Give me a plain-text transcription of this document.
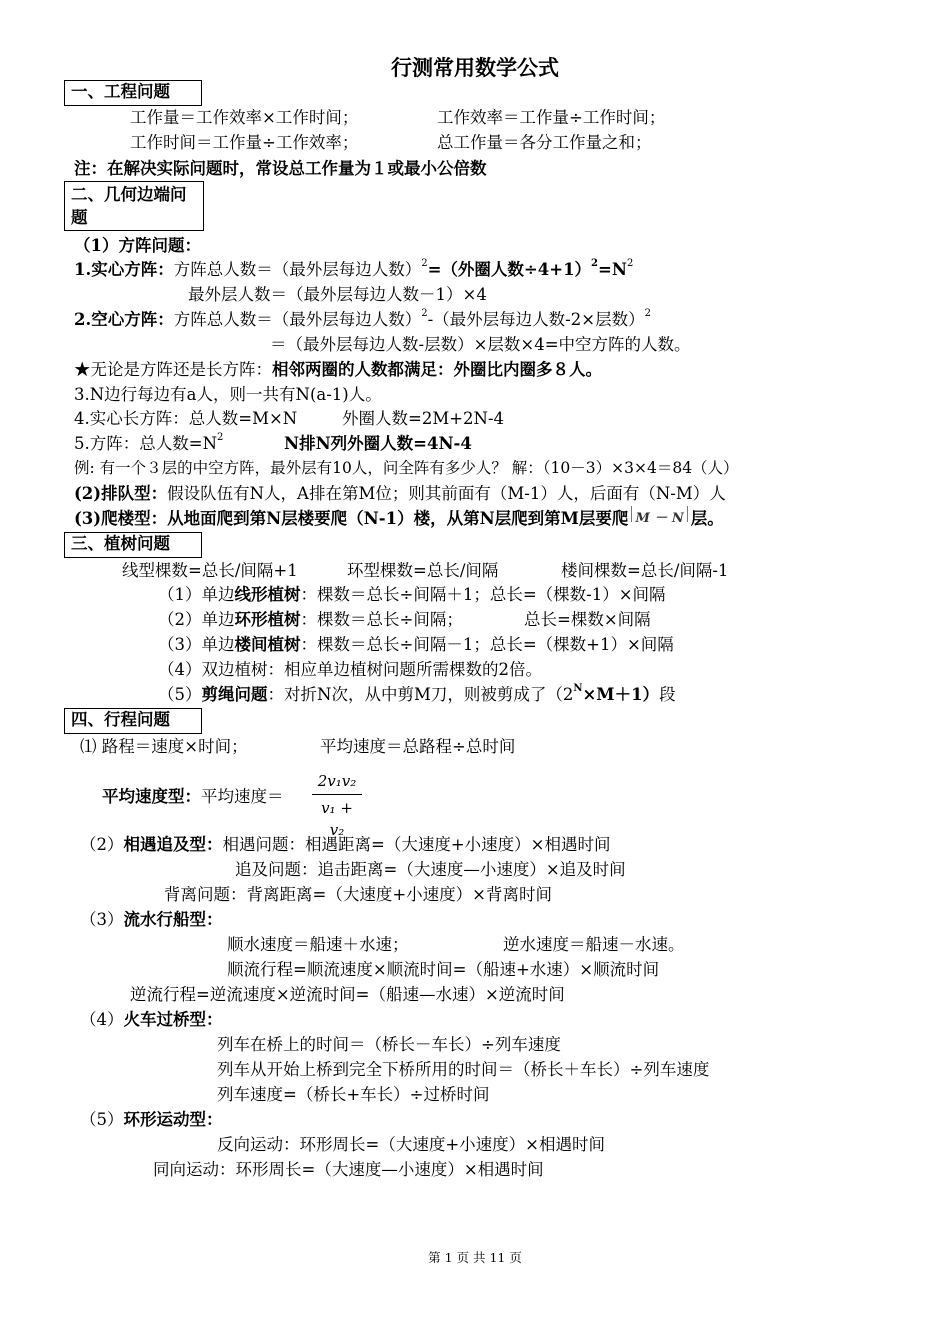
行测常用数学公式
一、工程问题
工作量＝工作效率×工作时间；	工作效率＝工作量÷工作时间；
工作时间＝工作量÷工作效率；	总工作量＝各分工作量之和；
注：在解决实际问题时，常设总工作量为１或最小公倍数
二、几何边端问题
（1）方阵问题：
1.实心方阵：方阵总人数＝（最外层每边人数）2=（外圈人数÷4+1）2=N2
最外层人数＝（最外层每边人数－1）×4
2.空心方阵：方阵总人数＝（最外层每边人数）2-（最外层每边人数-2×层数）2
＝（最外层每边人数-层数）×层数×4=中空方阵的人数。
★无论是方阵还是长方阵：相邻两圈的人数都满足：外圈比内圈多８人。
3.N边行每边有a人，则一共有N(a-1)人。
4.实心长方阵：总人数=M×N	外圈人数=2M+2N-4
5.方阵：总人数=N2	N排N列外圈人数=4N-4
例: 有一个３层的中空方阵，最外层有10人，问全阵有多少人？ 解：（10－3）×3×4＝84（人）
(2)排队型：假设队伍有N人，A排在第M位；则其前面有（M-1）人，后面有（N-M）人
(3)爬楼型：从地面爬到第N层楼要爬（N-1）楼，从第N层爬到第M层要爬 M － N 层。
三、植树问题
线型棵数=总长/间隔+1	环型棵数=总长/间隔	楼间棵数=总长/间隔-1
（1）单边线形植树：棵数＝总长÷间隔＋1；总长=（棵数-1）×间隔
（2）单边环形植树：棵数＝总长÷间隔；	总长=棵数×间隔
（3）单边楼间植树：棵数＝总长÷间隔－1；总长=（棵数+1）×间隔
（4）双边植树：相应单边植树问题所需棵数的2倍。
（5）剪绳问题：对折N次，从中剪M刀，则被剪成了（2N×M＋1）段
四、行程问题
⑴ 路程＝速度×时间；	平均速度＝总路程÷总时间
平均速度型：平均速度＝
2v₁v₂
v₁ + v₂
（2）相遇追及型：相遇问题：相遇距离=（大速度+小速度）×相遇时间
追及问题：追击距离=（大速度—小速度）×追及时间
背离问题：背离距离=（大速度+小速度）×背离时间
（3）流水行船型：
顺水速度＝船速＋水速；	逆水速度＝船速－水速。
顺流行程=顺流速度×顺流时间=（船速+水速）×顺流时间
逆流行程=逆流速度×逆流时间=（船速—水速）×逆流时间
（4）火车过桥型：
列车在桥上的时间＝（桥长－车长）÷列车速度
列车从开始上桥到完全下桥所用的时间＝（桥长＋车长）÷列车速度
列车速度=（桥长+车长）÷过桥时间
（5）环形运动型：
反向运动：环形周长=（大速度+小速度）×相遇时间
同向运动：环形周长=（大速度—小速度）×相遇时间
第 1 页 共 11 页
